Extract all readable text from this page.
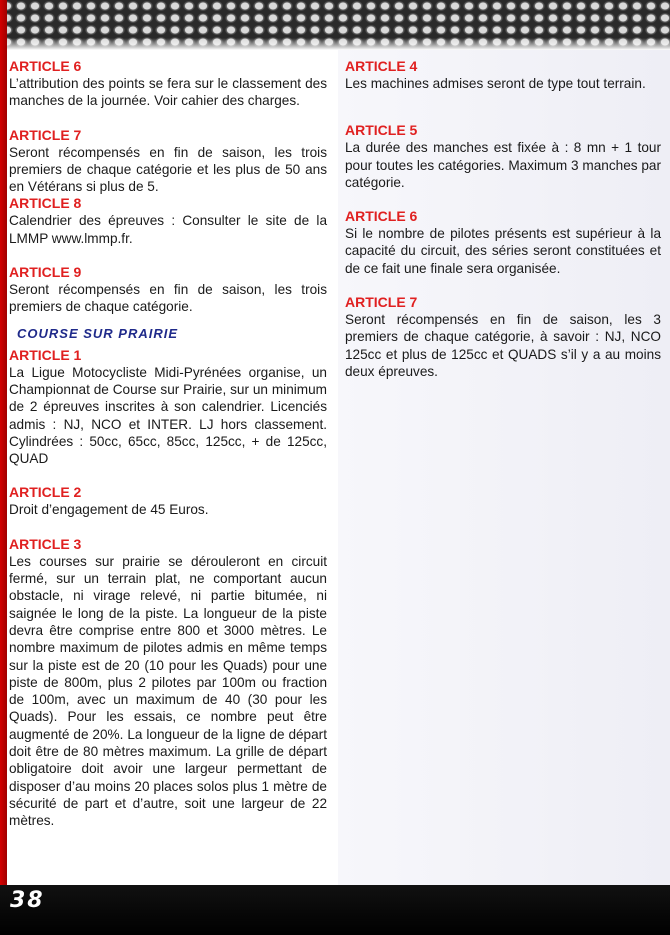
ARTICLE 6

L’attribution des points se fera sur le classement des manches de la journée. Voir cahier des charges.

ARTICLE 7

Seront récompensés en fin de saison, les trois premiers de chaque catégorie et les plus de 50 ans en Vétérans si plus de 5.

ARTICLE 8

Calendrier des épreuves : Consulter le site de la LMMP www.lmmp.fr.

ARTICLE 9

Seront récompensés en fin de saison, les trois premiers de chaque catégorie.

COURSE SUR PRAIRIE

ARTICLE 1

La Ligue Motocycliste Midi-Pyrénées organise, un Championnat de Course sur Prairie, sur un minimum de 2 épreuves inscrites à son calendrier. Licenciés admis : NJ, NCO et INTER. LJ hors classement. Cylindrées : 50cc, 65cc, 85cc, 125cc, + de 125cc, QUAD

ARTICLE 2

Droit d’engagement de 45 Euros.

ARTICLE 3

Les courses sur prairie se dérouleront en circuit fermé, sur un terrain plat, ne comportant aucun obstacle, ni virage relevé, ni partie bitumée, ni saignée le long de la piste. La longueur de la piste devra être comprise entre 800 et 3000 mètres. Le nombre maximum de pilotes admis en même temps sur la piste est de 20 (10 pour les Quads) pour une piste de 800m, plus 2 pilotes par 100m ou fraction de 100m, avec un maximum de 40 (30 pour les Quads). Pour les essais, ce nombre peut être augmenté de 20%. La longueur de la ligne de départ doit être de 80 mètres maximum. La grille de départ obligatoire doit avoir une largeur permettant de disposer d’au moins 20 places solos plus 1 mètre de sécurité de part et d’autre, soit une largeur de 22 mètres.

ARTICLE 4

Les machines admises seront de type tout terrain.

ARTICLE 5

La durée des manches est fixée à : 8 mn + 1 tour pour toutes les catégories. Maximum 3 manches par catégorie.

ARTICLE 6

Si le nombre de pilotes présents est supérieur à la capacité du circuit, des séries seront constituées et de ce fait une finale sera organisée.

ARTICLE 7

Seront récompensés en fin de saison, les 3 premiers de chaque catégorie, à savoir : NJ, NCO 125cc et plus de 125cc et QUADS s’il y a au moins deux épreuves.

38
